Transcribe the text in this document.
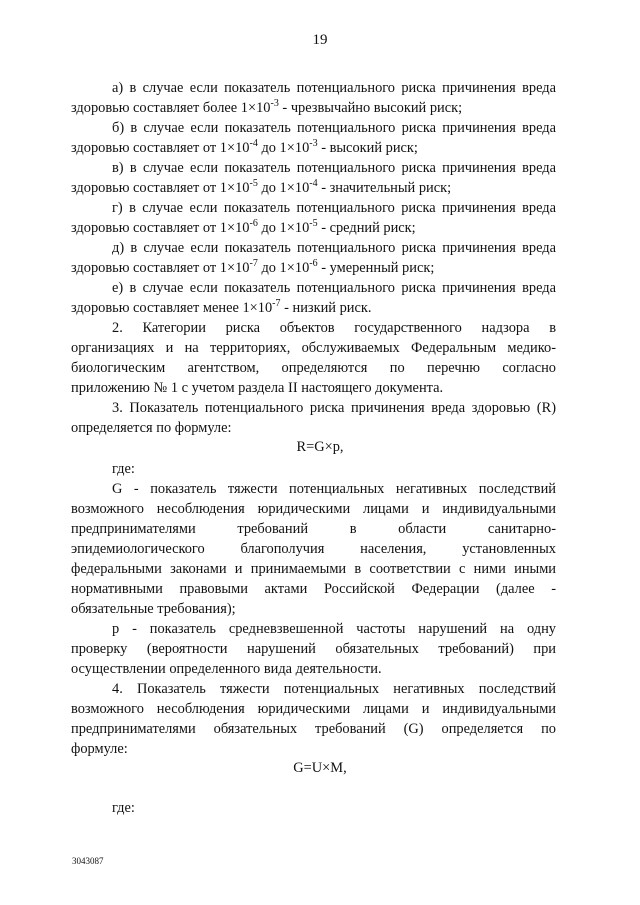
19
а) в случае если показатель потенциального риска причинения вреда
здоровью составляет более $1\times 10^{-3}$ - чрезвычайно высокий риск;
б) в случае если показатель потенциального риска причинения вреда
здоровью составляет от $1\times 10^{-4}$ до $1\times 10^{-3}$ - высокий риск;
в) в случае если показатель потенциального риска причинения вреда
здоровью составляет от $1\times 10^{-5}$ до $1\times 10^{-4}$ - значительный риск;
г) в случае если показатель потенциального риска причинения вреда
здоровью составляет от $1\times 10^{-6}$ до $1\times 10^{-5}$ - средний риск;
д) в случае если показатель потенциального риска причинения вреда
здоровью составляет от $1\times 10^{-7}$ до $1\times 10^{-6}$ - умеренный риск;
е) в случае если показатель потенциального риска причинения вреда
здоровью составляет менее $1\times 10^{-7}$ - низкий риск.
2. Категории риска объектов государственного надзора в
организациях и на территориях, обслуживаемых Федеральным медико-
биологическим агентством, определяются по перечню согласно
приложению № 1 с учетом раздела II настоящего документа.
3. Показатель потенциального риска причинения вреда здоровью (R)
определяется по формуле:
R=G×p,
где:
G - показатель тяжести потенциальных негативных последствий
возможного несоблюдения юридическими лицами и индивидуальными
предпринимателями требований в области санитарно-
эпидемиологического благополучия населения, установленных
федеральными законами и принимаемыми в соответствии с ними иными
нормативными правовыми актами Российской Федерации (далее -
обязательные требования);
p - показатель средневзвешенной частоты нарушений на одну
проверку (вероятности нарушений обязательных требований) при
осуществлении определенного вида деятельности.
4. Показатель тяжести потенциальных негативных последствий
возможного несоблюдения юридическими лицами и индивидуальными
предпринимателями обязательных требований (G) определяется по
формуле:
G=U×M,
где:
3043087
